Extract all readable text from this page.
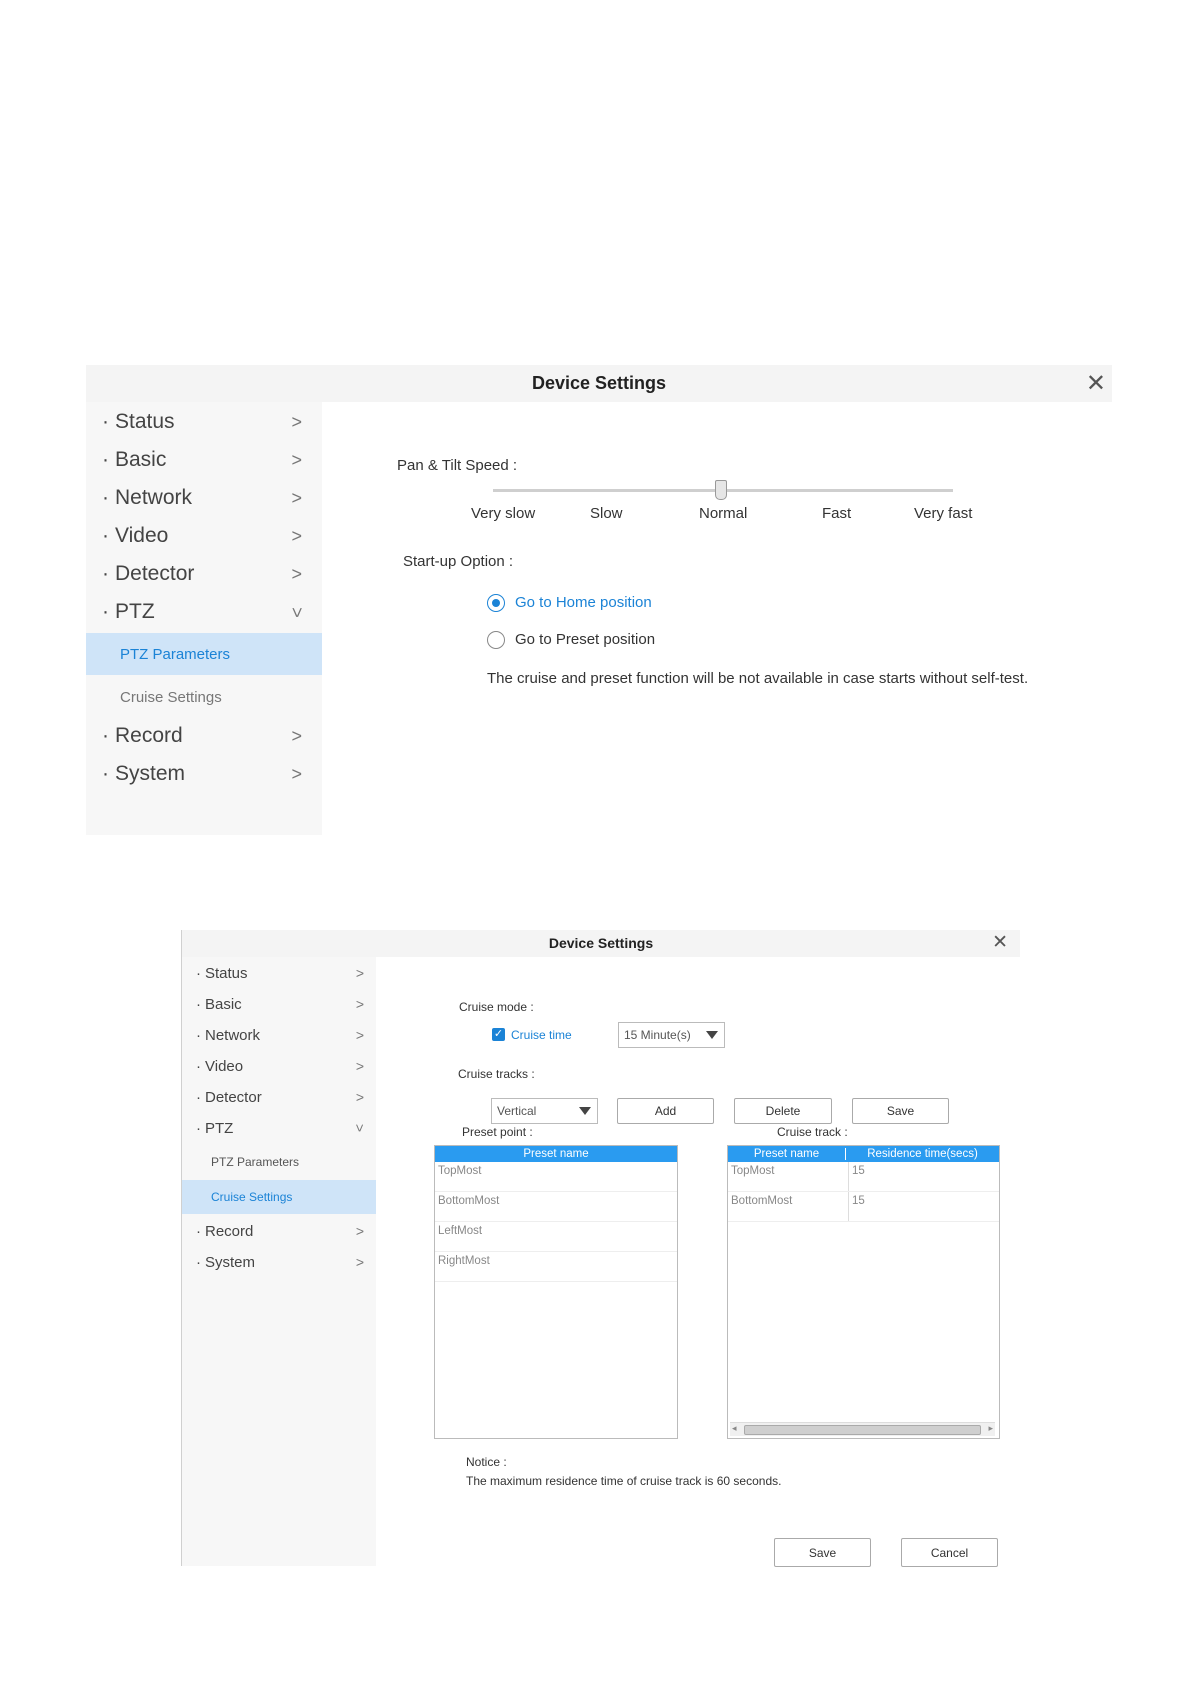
Device Settings	✕
· Status	>
· Basic	>
· Network	>
· Video	>
· Detector	>
· PTZ	>
PTZ Parameters
Cruise Settings
· Record	>
· System	>
Pan & Tilt Speed :
Very slow	Slow	Normal	Fast	Very fast
Start-up Option :
Go to Home position
Go to Preset position
The cruise and preset function will be not available in case starts without self-test.
Device Settings	✕
· Status	>
· Basic	>
· Network	>
· Video	>
· Detector	>
· PTZ	>
PTZ Parameters
Cruise Settings
· Record	>
· System	>
Cruise mode :
✓ Cruise time	15 Minute(s)
Cruise tracks :
Vertical	Add	Delete	Save
Preset point :	Cruise track :
Preset name
TopMost
BottomMost
LeftMost
RightMost
Preset name	Residence time(secs)
TopMost	15
BottomMost	15
◂	▸
Notice :
The maximum residence time of cruise track is 60 seconds.
Save	Cancel
